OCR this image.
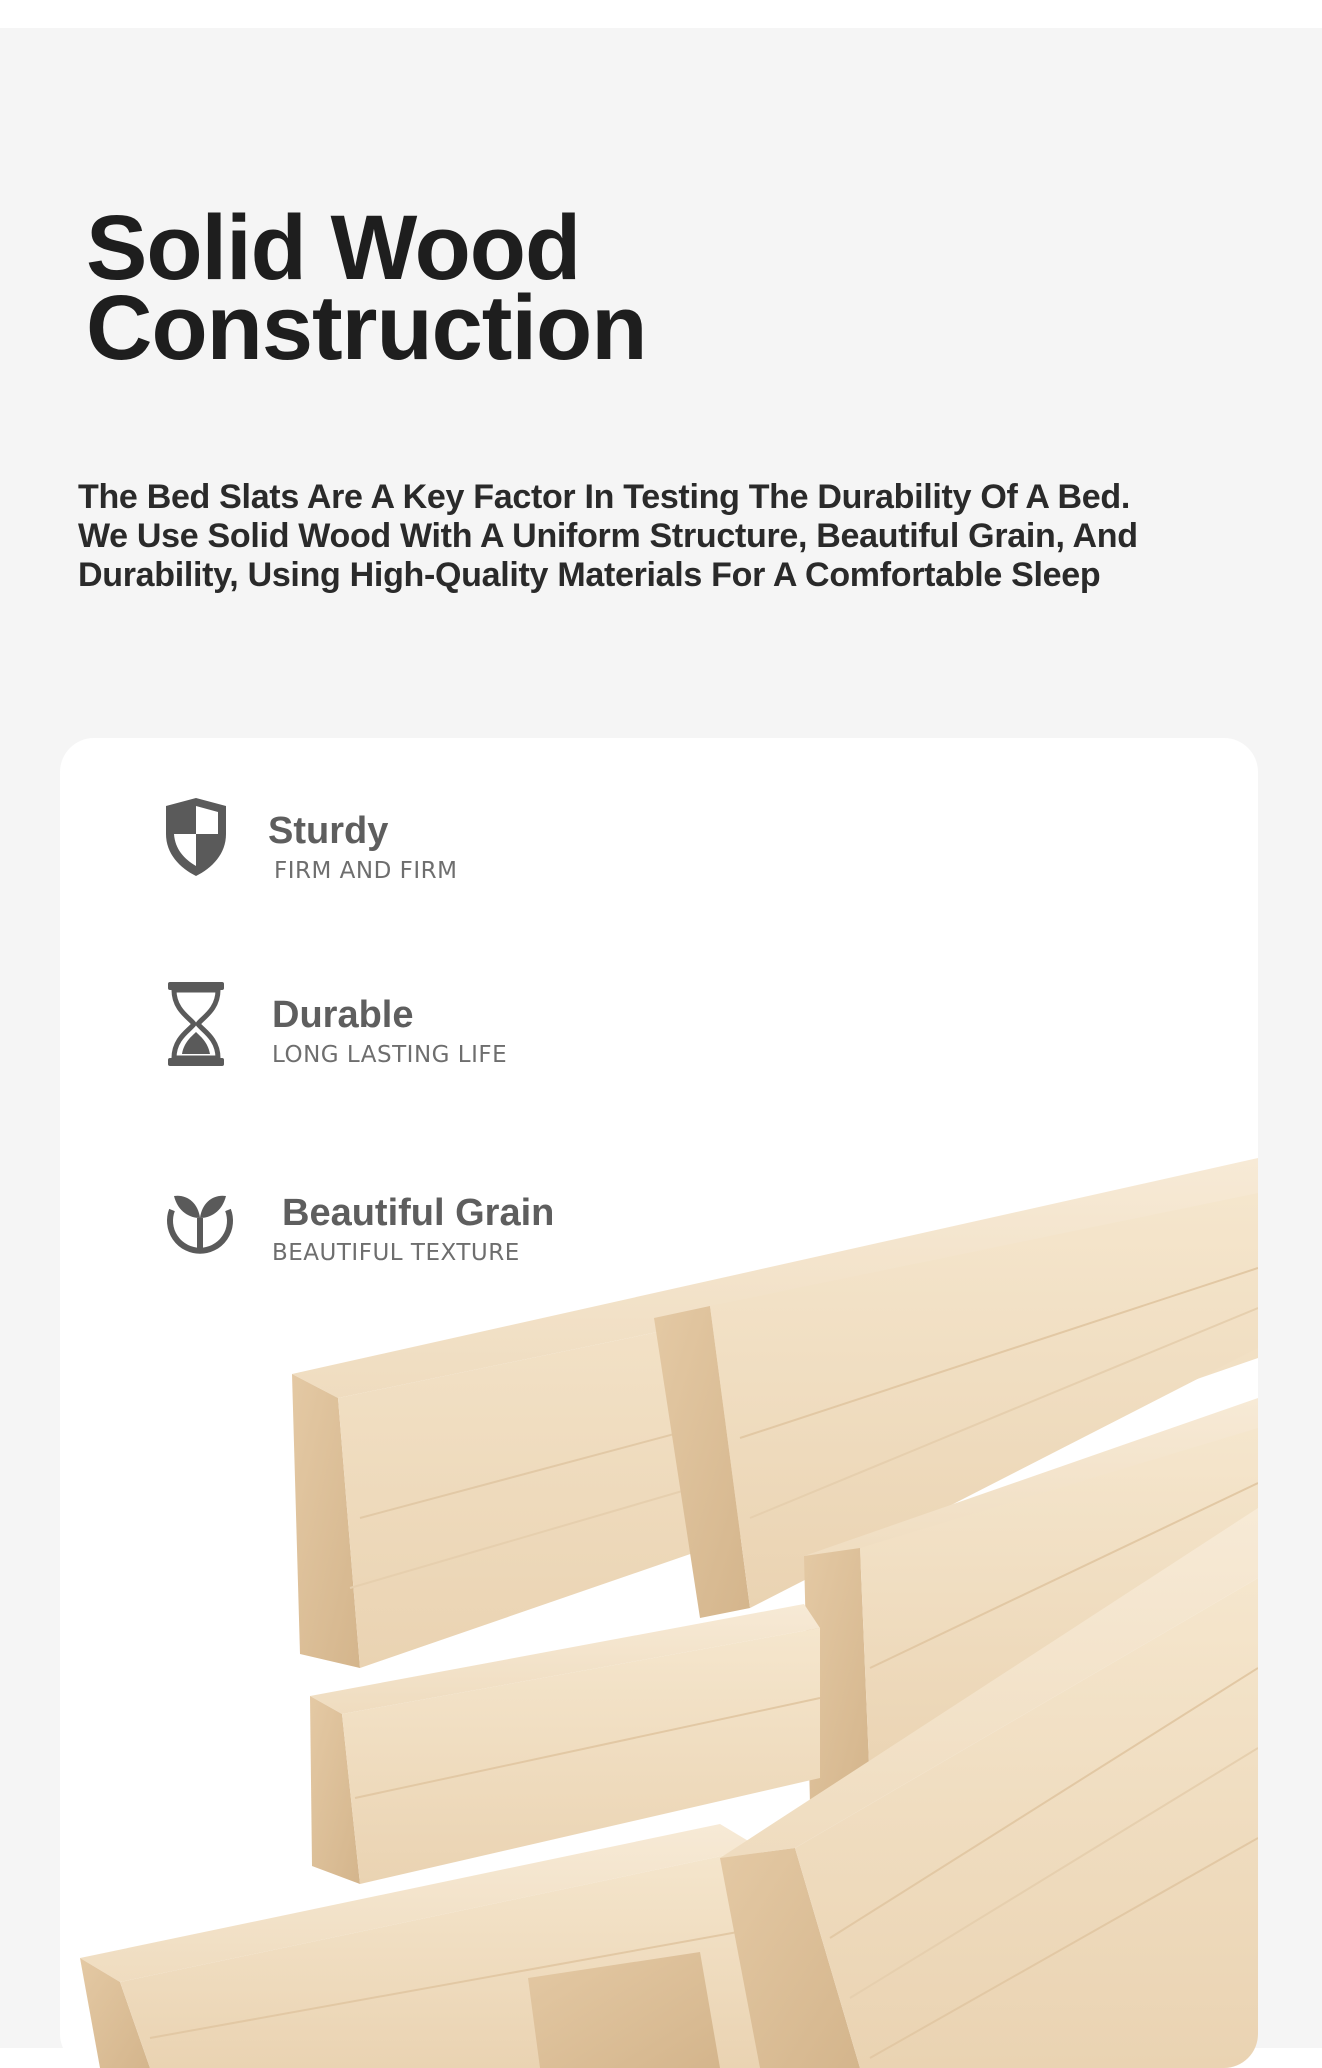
Solid Wood
Construction

The Bed Slats Are A Key Factor In Testing The Durability Of A Bed.
We Use Solid Wood With A Uniform Structure, Beautiful Grain, And
Durability, Using High-Quality Materials For A Comfortable Sleep

Sturdy
FIRM AND FIRM
Durable
LONG LASTING LIFE
Beautiful Grain
BEAUTIFUL TEXTURE
